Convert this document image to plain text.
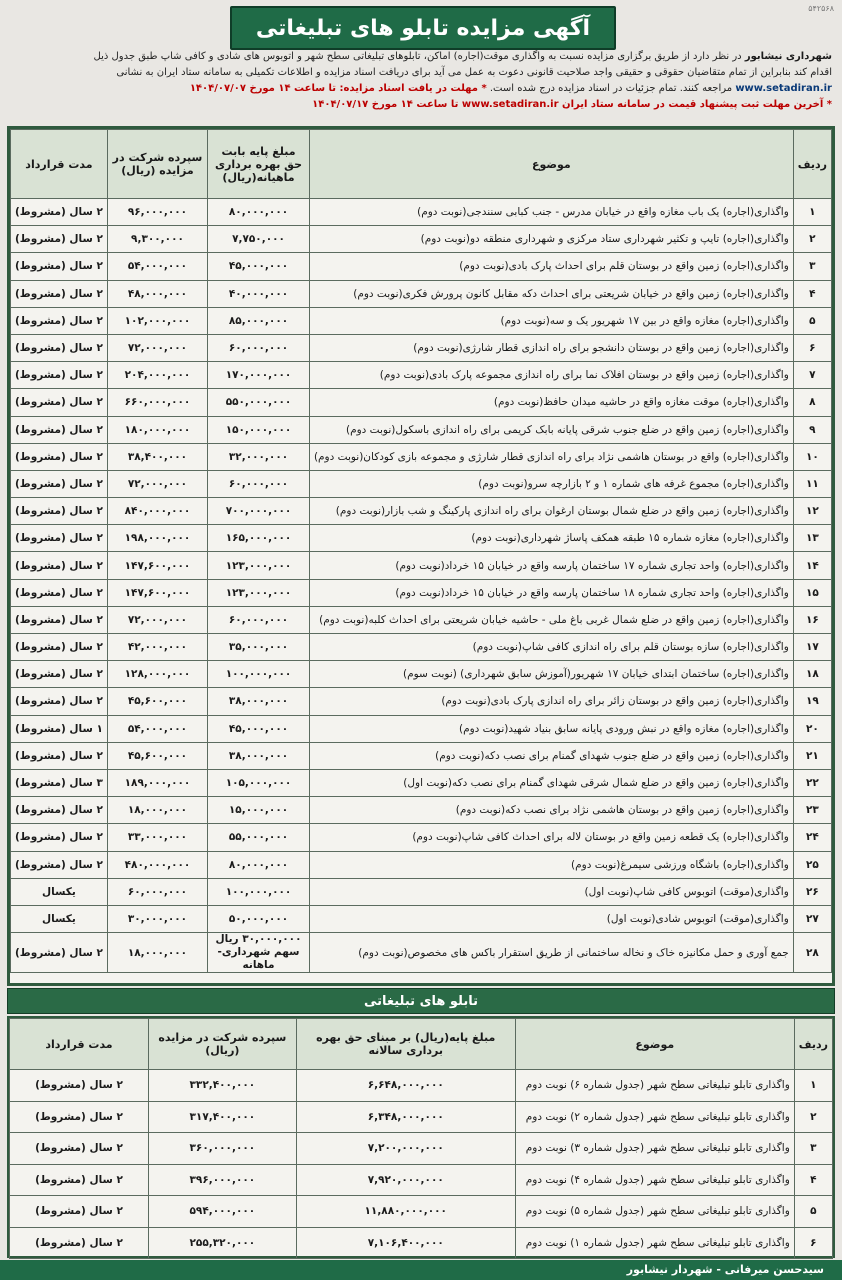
۵۴۲۵۶۸
آگهی مزایده تابلو های تبلیغاتی
شهرداری نیشابور در نظر دارد از طریق برگزاری مزایده نسبت به واگذاری موقت(اجاره) اماکن، تابلوهای تبلیغاتی سطح شهر و اتوبوس های شادی و کافی شاپ طبق جدول ذیل
اقدام کند بنابراین از تمام متقاضیان حقوقی و حقیقی واجد صلاحیت قانونی دعوت به عمل می آید برای دریافت اسناد مزایده و اطلاعات تکمیلی به سامانه ستاد ایران به نشانی
www.setadiran.ir مراجعه کنند. تمام جزئیات در اسناد مزایده درج شده است. * مهلت در یافت اسناد مزایده: تا ساعت ۱۴ مورخ ۱۴۰۴/۰۷/۰۷
* آخرین مهلت ثبت پیشنهاد قیمت در سامانه ستاد ایران www.setadiran.ir تا ساعت ۱۴ مورخ ۱۴۰۴/۰۷/۱۷
ردیف	موضوع	مبلغ پایه بابت حق بهره برداری ماهیانه(ریال)	سپرده شرکت در مزایده (ریال)	مدت قرارداد
۱	واگذاری(اجاره) یک باب مغازه واقع در خیابان مدرس - جنب کبابی سنندجی(نوبت دوم)	۸۰,۰۰۰,۰۰۰	۹۶,۰۰۰,۰۰۰	۲ سال (مشروط)
۲	واگذاری(اجاره) تایپ و تکثیر شهرداری ستاد مرکزی و شهرداری منطقه دو(نوبت دوم)	۷,۷۵۰,۰۰۰	۹,۳۰۰,۰۰۰	۲ سال (مشروط)
۳	واگذاری(اجاره) زمین واقع در بوستان قلم برای احداث پارک بادی(نوبت دوم)	۴۵,۰۰۰,۰۰۰	۵۴,۰۰۰,۰۰۰	۲ سال (مشروط)
۴	واگذاری(اجاره) زمین واقع در خیابان شریعتی برای احداث دکه مقابل کانون پرورش فکری(نوبت دوم)	۴۰,۰۰۰,۰۰۰	۴۸,۰۰۰,۰۰۰	۲ سال (مشروط)
۵	واگذاری(اجاره) مغازه واقع در بین ۱۷ شهریور یک و سه(نوبت دوم)	۸۵,۰۰۰,۰۰۰	۱۰۲,۰۰۰,۰۰۰	۲ سال (مشروط)
۶	واگذاری(اجاره) زمین واقع در بوستان دانشجو برای راه اندازی قطار شارژی(نوبت دوم)	۶۰,۰۰۰,۰۰۰	۷۲,۰۰۰,۰۰۰	۲ سال (مشروط)
۷	واگذاری(اجاره) زمین واقع در بوستان افلاک نما برای راه اندازی مجموعه پارک بادی(نوبت دوم)	۱۷۰,۰۰۰,۰۰۰	۲۰۴,۰۰۰,۰۰۰	۲ سال (مشروط)
۸	واگذاری(اجاره) موقت مغازه واقع در حاشیه میدان حافظ(نوبت دوم)	۵۵۰,۰۰۰,۰۰۰	۶۶۰,۰۰۰,۰۰۰	۲ سال (مشروط)
۹	واگذاری(اجاره) زمین واقع در ضلع جنوب شرقی پایانه بابک کریمی برای راه اندازی باسکول(نوبت دوم)	۱۵۰,۰۰۰,۰۰۰	۱۸۰,۰۰۰,۰۰۰	۲ سال (مشروط)
۱۰	واگذاری(اجاره) واقع در بوستان هاشمی نژاد برای راه اندازی قطار شارژی و مجموعه بازی کودکان(نوبت دوم)	۳۲,۰۰۰,۰۰۰	۳۸,۴۰۰,۰۰۰	۲ سال (مشروط)
۱۱	واگذاری(اجاره) مجموع غرفه های شماره ۱ و ۲ بازارچه سرو(نوبت دوم)	۶۰,۰۰۰,۰۰۰	۷۲,۰۰۰,۰۰۰	۲ سال (مشروط)
۱۲	واگذاری(اجاره) زمین واقع در ضلع شمال بوستان ارغوان برای راه اندازی پارکینگ و شب بازار(نوبت دوم)	۷۰۰,۰۰۰,۰۰۰	۸۴۰,۰۰۰,۰۰۰	۲ سال (مشروط)
۱۳	واگذاری(اجاره) مغازه شماره ۱۵ طبقه همکف پاساژ شهرداری(نوبت دوم)	۱۶۵,۰۰۰,۰۰۰	۱۹۸,۰۰۰,۰۰۰	۲ سال (مشروط)
۱۴	واگذاری(اجاره) واحد تجاری شماره ۱۷ ساختمان پارسه واقع در خیابان ۱۵ خرداد(نوبت دوم)	۱۲۳,۰۰۰,۰۰۰	۱۴۷,۶۰۰,۰۰۰	۲ سال (مشروط)
۱۵	واگذاری(اجاره) واحد تجاری شماره ۱۸ ساختمان پارسه واقع در خیابان ۱۵ خرداد(نوبت دوم)	۱۲۳,۰۰۰,۰۰۰	۱۴۷,۶۰۰,۰۰۰	۲ سال (مشروط)
۱۶	واگذاری(اجاره) زمین واقع در ضلع شمال غربی باغ ملی - حاشیه خیابان شریعتی برای احداث کلبه(نوبت دوم)	۶۰,۰۰۰,۰۰۰	۷۲,۰۰۰,۰۰۰	۲ سال (مشروط)
۱۷	واگذاری(اجاره) سازه بوستان قلم برای راه اندازی کافی شاپ(نوبت دوم)	۳۵,۰۰۰,۰۰۰	۴۲,۰۰۰,۰۰۰	۲ سال (مشروط)
۱۸	واگذاری(اجاره) ساختمان ابتدای خیابان ۱۷ شهریور(آموزش سابق شهرداری) (نوبت سوم)	۱۰۰,۰۰۰,۰۰۰	۱۲۸,۰۰۰,۰۰۰	۲ سال (مشروط)
۱۹	واگذاری(اجاره) زمین واقع در بوستان زائر برای راه اندازی پارک بادی(نوبت دوم)	۳۸,۰۰۰,۰۰۰	۴۵,۶۰۰,۰۰۰	۲ سال (مشروط)
۲۰	واگذاری(اجاره) مغازه واقع در نبش ورودی پایانه سابق بنیاد شهید(نوبت دوم)	۴۵,۰۰۰,۰۰۰	۵۴,۰۰۰,۰۰۰	۱ سال (مشروط)
۲۱	واگذاری(اجاره) زمین واقع در ضلع جنوب شهدای گمنام برای نصب دکه(نوبت دوم)	۳۸,۰۰۰,۰۰۰	۴۵,۶۰۰,۰۰۰	۲ سال (مشروط)
۲۲	واگذاری(اجاره) زمین واقع در ضلع شمال شرقی شهدای گمنام برای نصب دکه(نوبت اول)	۱۰۵,۰۰۰,۰۰۰	۱۸۹,۰۰۰,۰۰۰	۳ سال (مشروط)
۲۳	واگذاری(اجاره) زمین واقع در بوستان هاشمی نژاد برای نصب دکه(نوبت دوم)	۱۵,۰۰۰,۰۰۰	۱۸,۰۰۰,۰۰۰	۲ سال (مشروط)
۲۴	واگذاری(اجاره) یک قطعه زمین واقع در بوستان لاله برای احداث کافی شاپ(نوبت دوم)	۵۵,۰۰۰,۰۰۰	۳۳,۰۰۰,۰۰۰	۲ سال (مشروط)
۲۵	واگذاری(اجاره) باشگاه ورزشی سیمرغ(نوبت دوم)	۸۰,۰۰۰,۰۰۰	۴۸۰,۰۰۰,۰۰۰	۲ سال (مشروط)
۲۶	واگذاری(موقت) اتوبوس کافی شاپ(نوبت اول)	۱۰۰,۰۰۰,۰۰۰	۶۰,۰۰۰,۰۰۰	یکسال
۲۷	واگذاری(موقت) اتوبوس شادی(نوبت اول)	۵۰,۰۰۰,۰۰۰	۳۰,۰۰۰,۰۰۰	یکسال
۲۸	جمع آوری و حمل مکانیزه خاک و نخاله ساختمانی از طریق استقرار باکس های مخصوص(نوبت دوم)	۳۰,۰۰۰,۰۰۰ ریال سهم شهرداری- ماهانه	۱۸,۰۰۰,۰۰۰	۲ سال (مشروط)
تابلو های تبلیغاتی
ردیف	موضوع	مبلغ پایه(ریال) بر مبنای حق بهره برداری سالانه	سپرده شرکت در مزایده (ریال)	مدت قرارداد
۱	واگذاری تابلو تبلیغاتی سطح شهر (جدول شماره ۶) نوبت دوم	۶,۶۴۸,۰۰۰,۰۰۰	۳۳۲,۴۰۰,۰۰۰	۲ سال (مشروط)
۲	واگذاری تابلو تبلیغاتی سطح شهر (جدول شماره ۲) نوبت دوم	۶,۳۴۸,۰۰۰,۰۰۰	۳۱۷,۴۰۰,۰۰۰	۲ سال (مشروط)
۳	واگذاری تابلو تبلیغاتی سطح شهر (جدول شماره ۳) نوبت دوم	۷,۲۰۰,۰۰۰,۰۰۰	۳۶۰,۰۰۰,۰۰۰	۲ سال (مشروط)
۴	واگذاری تابلو تبلیغاتی سطح شهر (جدول شماره ۴) نوبت دوم	۷,۹۲۰,۰۰۰,۰۰۰	۳۹۶,۰۰۰,۰۰۰	۲ سال (مشروط)
۵	واگذاری تابلو تبلیغاتی سطح شهر (جدول شماره ۵) نوبت دوم	۱۱,۸۸۰,۰۰۰,۰۰۰	۵۹۴,۰۰۰,۰۰۰	۲ سال (مشروط)
۶	واگذاری تابلو تبلیغاتی سطح شهر (جدول شماره ۱) نوبت دوم	۷,۱۰۶,۴۰۰,۰۰۰	۲۵۵,۳۲۰,۰۰۰	۲ سال (مشروط)
سیدحسن میرفانی - شهردار نیشابور
